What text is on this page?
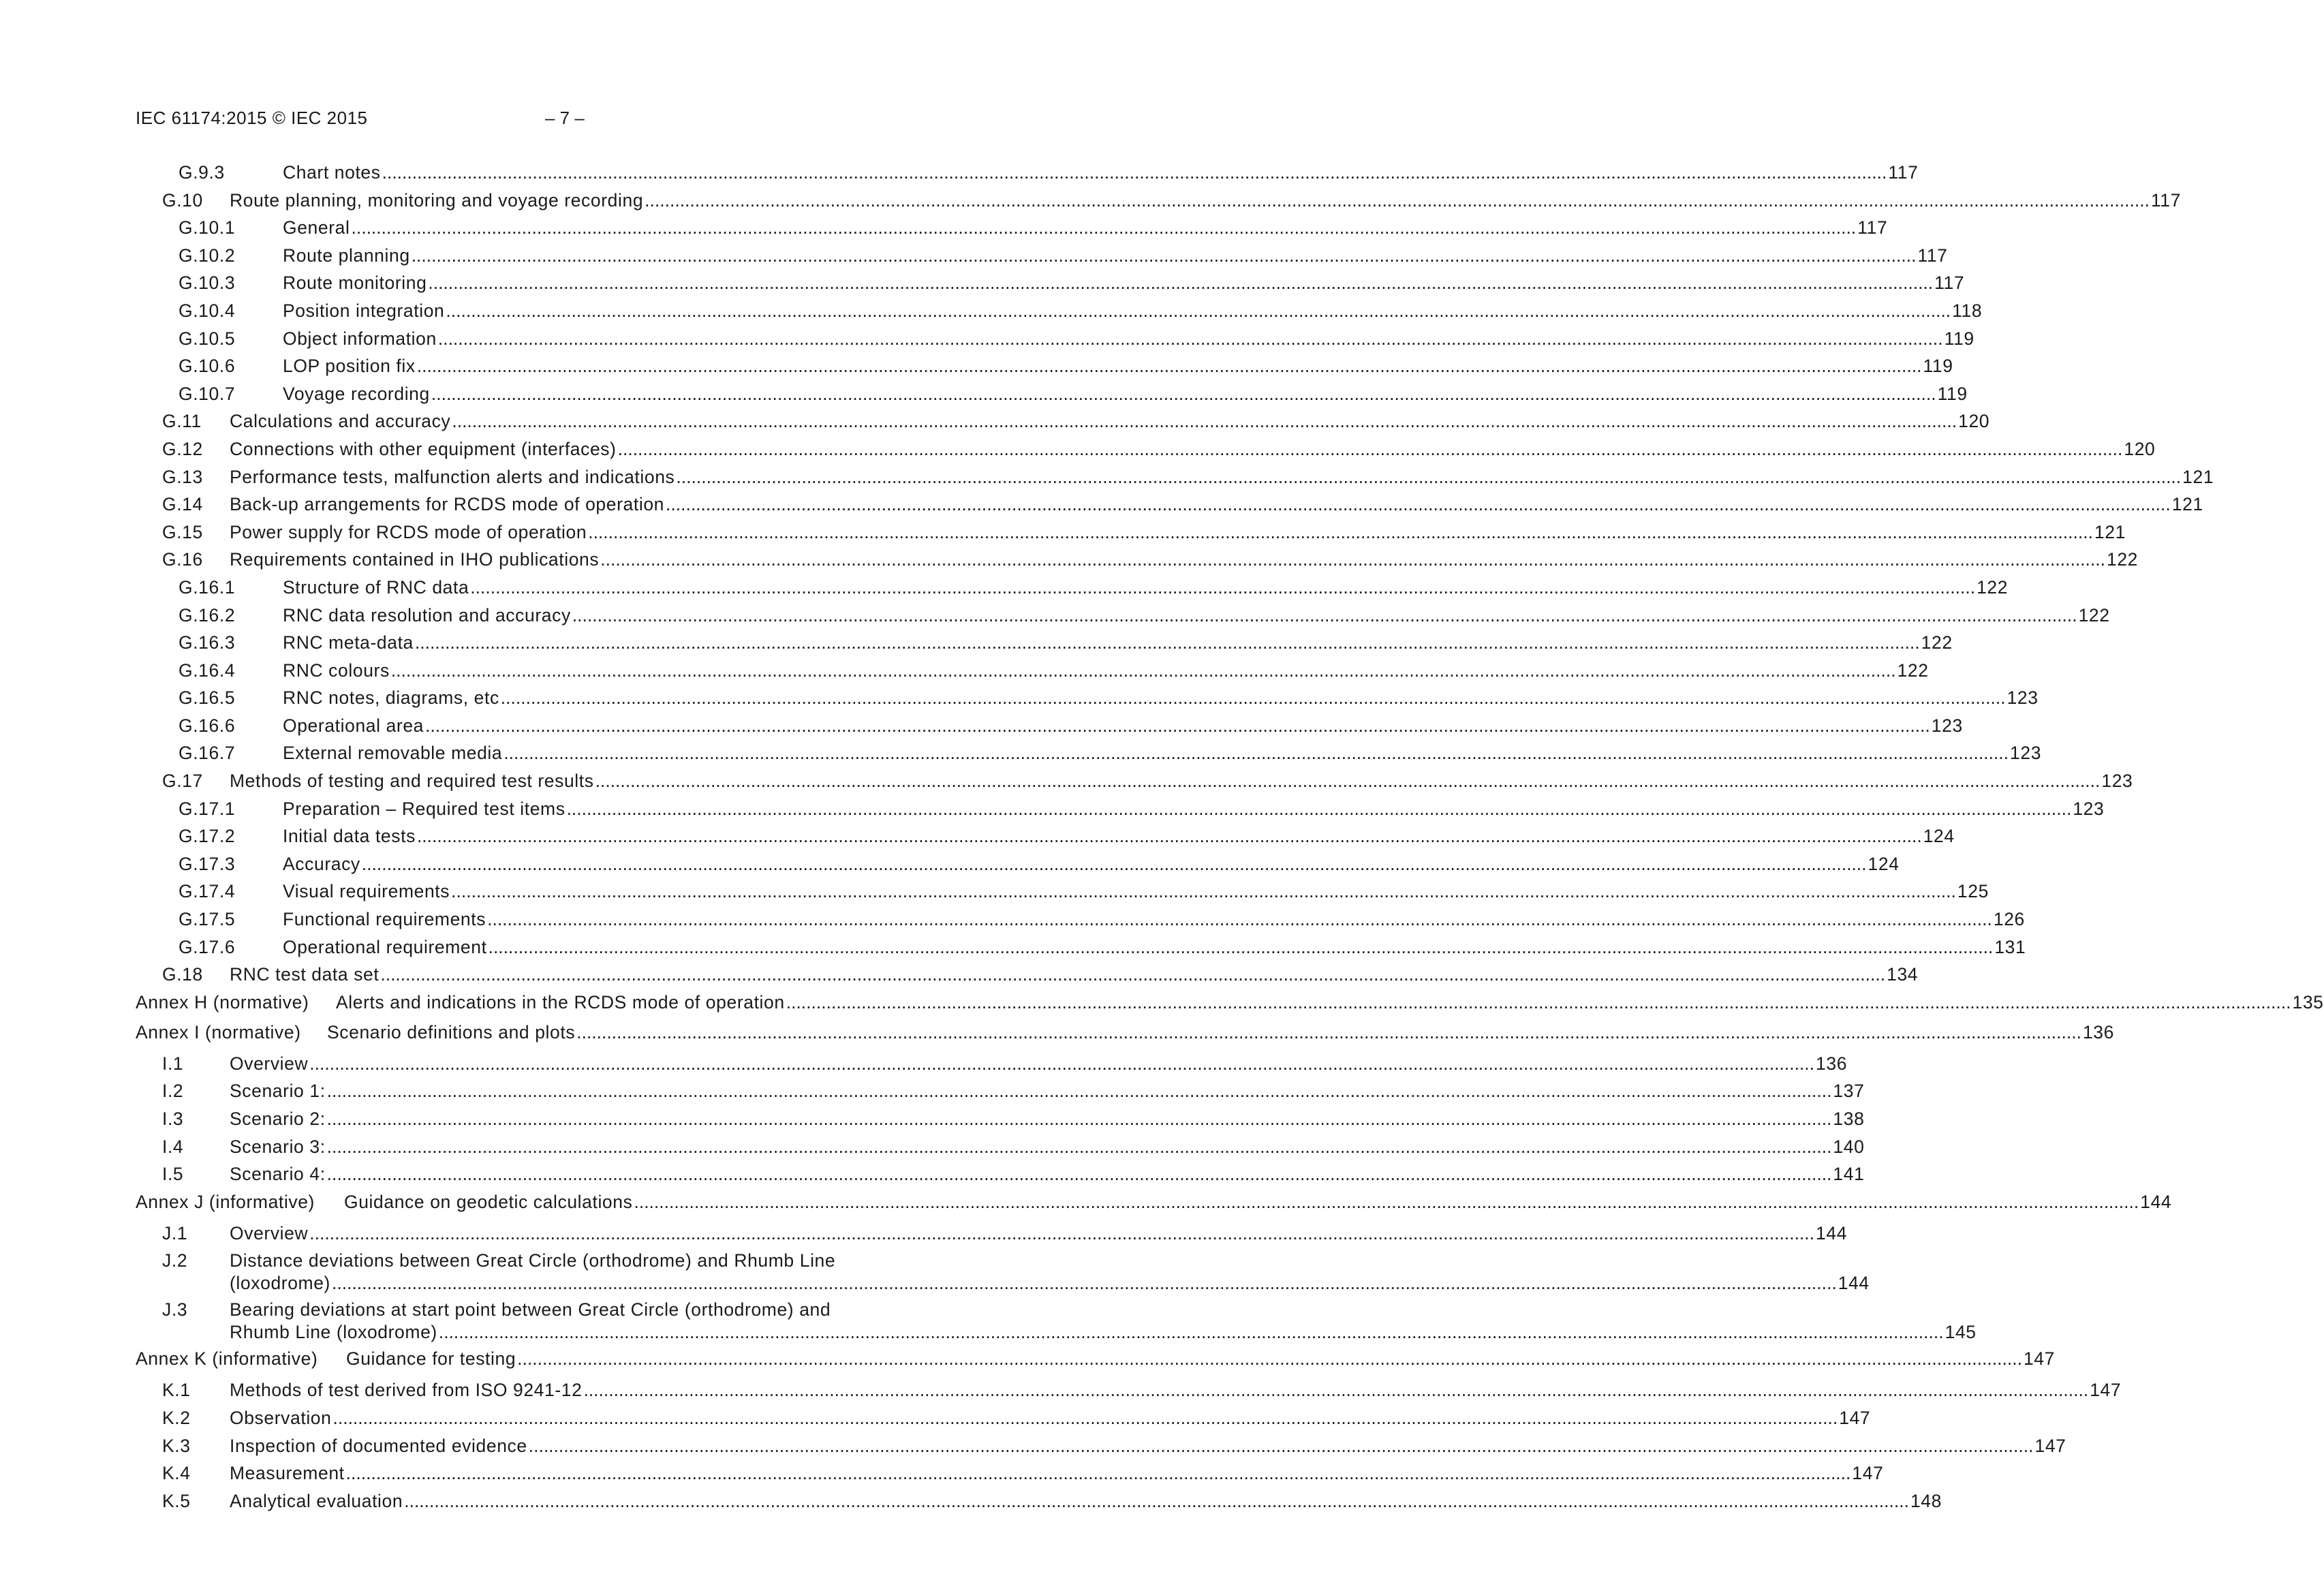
IEC 61174:2015 © IEC 2015	– 7 –
G.9.3	Chart notes ............................................................................................................................................................................................................................................................................................................ 117
G.10 Route planning, monitoring and voyage recording ............................................................................................................................................................................................................................................................................................................ 117
G.10.1	General ............................................................................................................................................................................................................................................................................................................ 117
G.10.2	Route planning ............................................................................................................................................................................................................................................................................................................ 117
G.10.3	Route monitoring ............................................................................................................................................................................................................................................................................................................ 117
G.10.4	Position integration ............................................................................................................................................................................................................................................................................................................ 118
G.10.5	Object information ............................................................................................................................................................................................................................................................................................................ 119
G.10.6	LOP position fix ............................................................................................................................................................................................................................................................................................................ 119
G.10.7	Voyage recording ............................................................................................................................................................................................................................................................................................................ 119
G.11 Calculations and accuracy ............................................................................................................................................................................................................................................................................................................ 120
G.12 Connections with other equipment (interfaces) ............................................................................................................................................................................................................................................................................................................ 120
G.13 Performance tests, malfunction alerts and indications ............................................................................................................................................................................................................................................................................................................ 121
G.14 Back-up arrangements for RCDS mode of operation ............................................................................................................................................................................................................................................................................................................ 121
G.15 Power supply for RCDS mode of operation ............................................................................................................................................................................................................................................................................................................ 121
G.16 Requirements contained in IHO publications ............................................................................................................................................................................................................................................................................................................ 122
G.16.1	Structure of RNC data ............................................................................................................................................................................................................................................................................................................ 122
G.16.2	RNC data resolution and accuracy ............................................................................................................................................................................................................................................................................................................ 122
G.16.3	RNC meta-data ............................................................................................................................................................................................................................................................................................................ 122
G.16.4	RNC colours ............................................................................................................................................................................................................................................................................................................ 122
G.16.5	RNC notes, diagrams, etc ............................................................................................................................................................................................................................................................................................................ 123
G.16.6	Operational area ............................................................................................................................................................................................................................................................................................................ 123
G.16.7	External removable media ............................................................................................................................................................................................................................................................................................................ 123
G.17 Methods of testing and required test results ............................................................................................................................................................................................................................................................................................................ 123
G.17.1	Preparation – Required test items ............................................................................................................................................................................................................................................................................................................ 123
G.17.2	Initial data tests ............................................................................................................................................................................................................................................................................................................ 124
G.17.3	Accuracy ............................................................................................................................................................................................................................................................................................................ 124
G.17.4	Visual requirements ............................................................................................................................................................................................................................................................................................................ 125
G.17.5	Functional requirements ............................................................................................................................................................................................................................................................................................................ 126
G.17.6	Operational requirement ............................................................................................................................................................................................................................................................................................................ 131
G.18 RNC test data set ............................................................................................................................................................................................................................................................................................................ 134
Annex H (normative) Alerts and indications in the RCDS mode of operation ............................................................................................................................................................................................................................................................................................................ 135
Annex I (normative) Scenario definitions and plots ............................................................................................................................................................................................................................................................................................................ 136
I.1	Overview ............................................................................................................................................................................................................................................................................................................ 136
I.2	Scenario 1: ............................................................................................................................................................................................................................................................................................................ 137
I.3	Scenario 2: ............................................................................................................................................................................................................................................................................................................ 138
I.4	Scenario 3: ............................................................................................................................................................................................................................................................................................................ 140
I.5	Scenario 4: ............................................................................................................................................................................................................................................................................................................ 141
Annex J (informative) Guidance on geodetic calculations ............................................................................................................................................................................................................................................................................................................ 144
J.1 Overview ............................................................................................................................................................................................................................................................................................................ 144
J.2 Distance deviations between Great Circle (orthodrome) and Rhumb Line
(loxodrome) ............................................................................................................................................................................................................................................................................................................ 144
J.3 Bearing deviations at start point between Great Circle (orthodrome) and
Rhumb Line (loxodrome) ............................................................................................................................................................................................................................................................................................................ 145
Annex K (informative) Guidance for testing ............................................................................................................................................................................................................................................................................................................ 147
K.1 Methods of test derived from ISO 9241-12 ............................................................................................................................................................................................................................................................................................................ 147
K.2 Observation ............................................................................................................................................................................................................................................................................................................ 147
K.3 Inspection of documented evidence ............................................................................................................................................................................................................................................................................................................ 147
K.4 Measurement ............................................................................................................................................................................................................................................................................................................ 147
K.5 Analytical evaluation ............................................................................................................................................................................................................................................................................................................ 148
